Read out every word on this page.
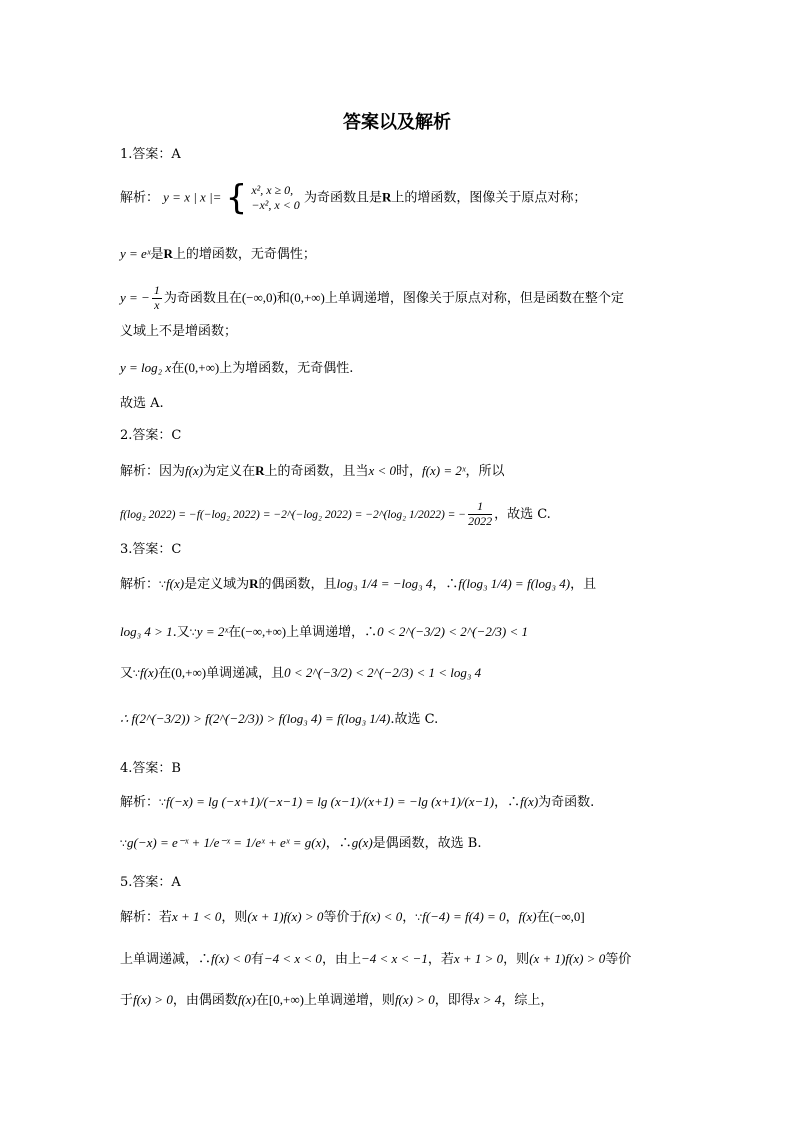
答案以及解析
1.答案：A
解析： y = x | x |= { x², x ≥ 0,
−x², x < 0 为奇函数且是R上的增函数，图像关于原点对称；
y = eˣ是R上的增函数，无奇偶性；
y = − $\frac{1}{x}$ 为奇函数且在(−∞,0)和(0,+∞)上单调递增，图像关于原点对称，但是函数在整个定
义域上不是增函数；
y = log₂ x在(0,+∞)上为增函数，无奇偶性.
故选 A.
2.答案：C
解析：因为f(x)为定义在R上的奇函数，且当x < 0时，f(x) = 2ˣ，所以
f(log₂ 2022) = −f(−log₂ 2022) = −2^(−log₂ 2022) = −2^(log₂ 1/2022) = − $\frac{1}{2022}$ ，故选 C.
3.答案：C
解析：∵f(x)是定义域为R的偶函数，且log₃ 1/4 = −log₃ 4，∴f(log₃ 1/4) = f(log₃ 4)，且
log₃ 4 > 1.又∵y = 2ˣ在(−∞,+∞)上单调递增，∴0 < 2^(−3/2) < 2^(−2/3) < 1
又∵f(x)在(0,+∞)单调递减，且0 < 2^(−3/2) < 2^(−2/3) < 1 < log₃ 4
∴ f(2^(−3/2)) > f(2^(−2/3)) > f(log₃ 4) = f(log₃ 1/4).故选 C.
4.答案：B
解析：∵f(−x) = lg (−x+1)/(−x−1) = lg (x−1)/(x+1) = −lg (x+1)/(x−1)，∴f(x)为奇函数.
∵g(−x) = e⁻ˣ + 1/e⁻ˣ = 1/eˣ + eˣ = g(x)，∴g(x)是偶函数，故选 B.
5.答案：A
解析：若x + 1 < 0，则(x + 1)f(x) > 0等价于f(x) < 0，∵f(−4) = f(4) = 0，f(x)在(−∞,0]
上单调递减，∴f(x) < 0有−4 < x < 0，由上−4 < x < −1，若x + 1 > 0，则(x + 1)f(x) > 0等价
于f(x) > 0，由偶函数f(x)在[0,+∞)上单调递增，则f(x) > 0，即得x > 4，综上，
